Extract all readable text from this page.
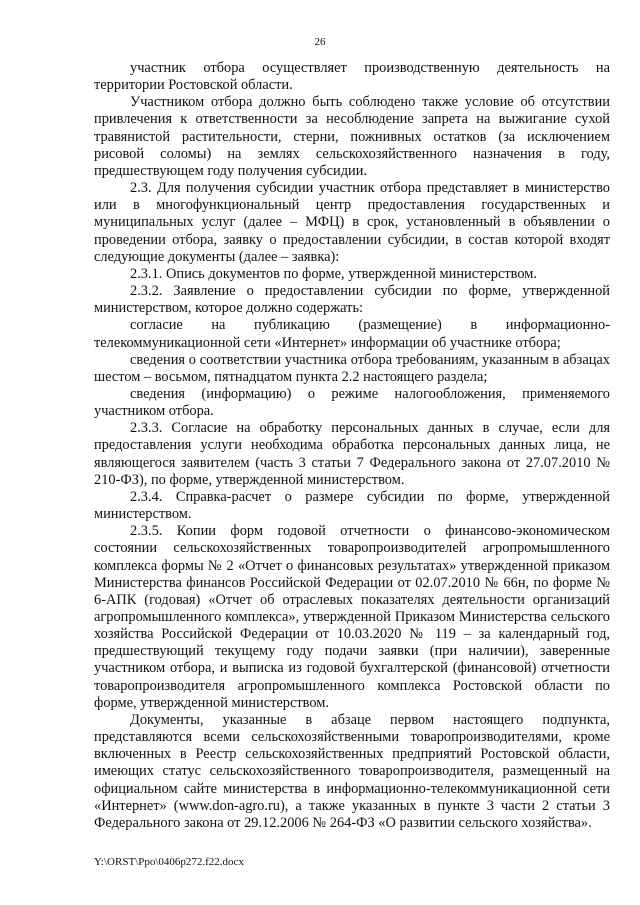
26

участник отбора осуществляет производственную деятельность на территории Ростовской области.

Участником отбора должно быть соблюдено также условие об отсутствии привлечения к ответственности за несоблюдение запрета на выжигание сухой травянистой растительности, стерни, пожнивных остатков (за исключением рисовой соломы) на землях сельскохозяйственного назначения в году, предшествующем году получения субсидии.

2.3. Для получения субсидии участник отбора представляет в министерство или в многофункциональный центр предоставления государственных и муниципальных услуг (далее – МФЦ) в срок, установленный в объявлении о проведении отбора, заявку о предоставлении субсидии, в состав которой входят следующие документы (далее – заявка):

2.3.1. Опись документов по форме, утвержденной министерством.

2.3.2. Заявление о предоставлении субсидии по форме, утвержденной министерством, которое должно содержать:

согласие на публикацию (размещение) в информационно-телекоммуникационной сети «Интернет» информации об участнике отбора;

сведения о соответствии участника отбора требованиям, указанным в абзацах шестом – восьмом, пятнадцатом пункта 2.2 настоящего раздела;

сведения (информацию) о режиме налогообложения, применяемого участником отбора.

2.3.3. Согласие на обработку персональных данных в случае, если для предоставления услуги необходима обработка персональных данных лица, не являющегося заявителем (часть 3 статьи 7 Федерального закона от 27.07.2010 № 210-ФЗ), по форме, утвержденной министерством.

2.3.4. Справка-расчет о размере субсидии по форме, утвержденной министерством.

2.3.5. Копии форм годовой отчетности о финансово-экономическом состоянии сельскохозяйственных товаропроизводителей агропромышленного комплекса формы № 2 «Отчет о финансовых результатах» утвержденной приказом Министерства финансов Российской Федерации от 02.07.2010 № 66н, по форме № 6-АПК (годовая) «Отчет об отраслевых показателях деятельности организаций агропромышленного комплекса», утвержденной Приказом Министерства сельского хозяйства Российской Федерации от 10.03.2020 № 119 – за календарный год, предшествующий текущему году подачи заявки (при наличии), заверенные участником отбора, и выписка из годовой бухгалтерской (финансовой) отчетности товаропроизводителя агропромышленного комплекса Ростовской области по форме, утвержденной министерством.

Документы, указанные в абзаце первом настоящего подпункта, представляются всеми сельскохозяйственными товаропроизводителями, кроме включенных в Реестр сельскохозяйственных предприятий Ростовской области, имеющих статус сельскохозяйственного товаропроизводителя, размещенный на официальном сайте министерства в информационно-телекоммуникационной сети «Интернет» (www.don-agro.ru), а также указанных в пункте 3 части 2 статьи 3 Федерального закона от 29.12.2006 № 264-ФЗ «О развитии сельского хозяйства».

Y:\ORST\Ppo\0406p272.f22.docx
